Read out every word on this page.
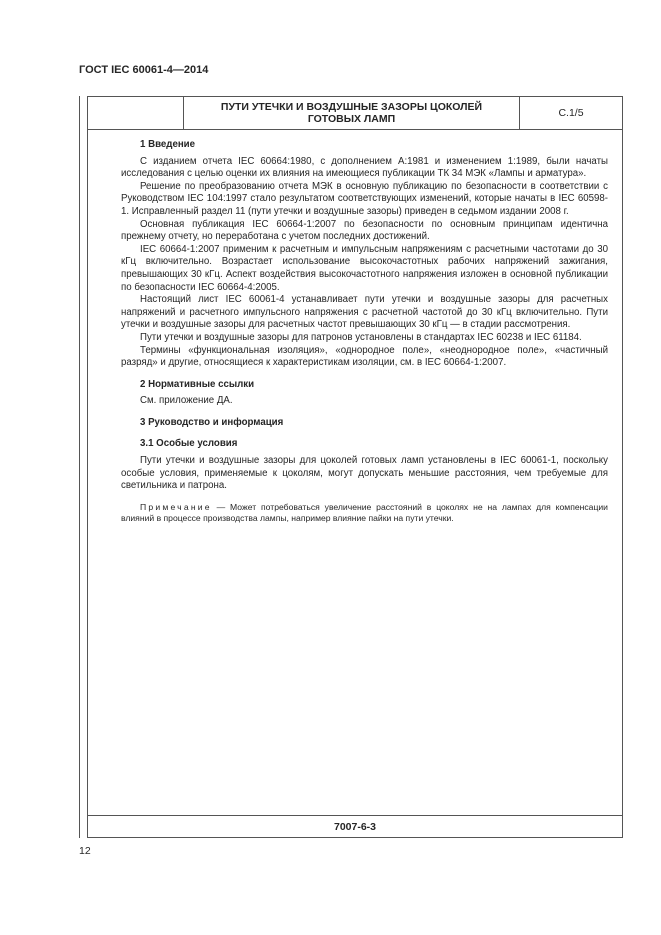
ГОСТ IEC 60061-4—2014
ПУТИ УТЕЧКИ И ВОЗДУШНЫЕ ЗАЗОРЫ ЦОКОЛЕЙ ГОТОВЫХ ЛАМП	С.1/5
1 Введение

С изданием отчета IEC 60664:1980, с дополнением А:1981 и изменением 1:1989, были начаты исследования с целью оценки их влияния на имеющиеся публикации ТК 34 МЭК «Лампы и арматура».

Решение по преобразованию отчета МЭК в основную публикацию по безопасности в соответствии с Руководством IEC 104:1997 стало результатом соответствующих изменений, которые начаты в IEC 60598-1. Исправленный раздел 11 (пути утечки и воздушные зазоры) приведен в седьмом издании 2008 г.

Основная публикация IEC 60664-1:2007 по безопасности по основным принципам идентична прежнему отчету, но переработана с учетом последних достижений.

IEC 60664-1:2007 применим к расчетным и импульсным напряжениям с расчетными частотами до 30 кГц включительно. Возрастает использование высокочастотных рабочих напряжений зажигания, превышающих 30 кГц. Аспект воздействия высокочастотного напряжения изложен в основной публикации по безопасности IEC 60664-4:2005.

Настоящий лист IEC 60061-4 устанавливает пути утечки и воздушные зазоры для расчетных напряжений и расчетного импульсного напряжения с расчетной частотой до 30 кГц включительно. Пути утечки и воздушные зазоры для расчетных частот превышающих 30 кГц — в стадии рассмотрения.

Пути утечки и воздушные зазоры для патронов установлены в стандартах IEC 60238 и IEC 61184.

Термины «функциональная изоляция», «однородное поле», «неоднородное поле», «частичный разряд» и другие, относящиеся к характеристикам изоляции, см. в IEC 60664-1:2007.

2 Нормативные ссылки

См. приложение ДА.

3 Руководство и информация
3.1 Особые условия

Пути утечки и воздушные зазоры для цоколей готовых ламп установлены в IEC 60061-1, поскольку особые условия, применяемые к цоколям, могут допускать меньшие расстояния, чем требуемые для светильника и патрона.

Примечание — Может потребоваться увеличение расстояний в цоколях не на лампах для компенсации влияний в процессе производства лампы, например влияние пайки на пути утечки.

7007-6-3
12
